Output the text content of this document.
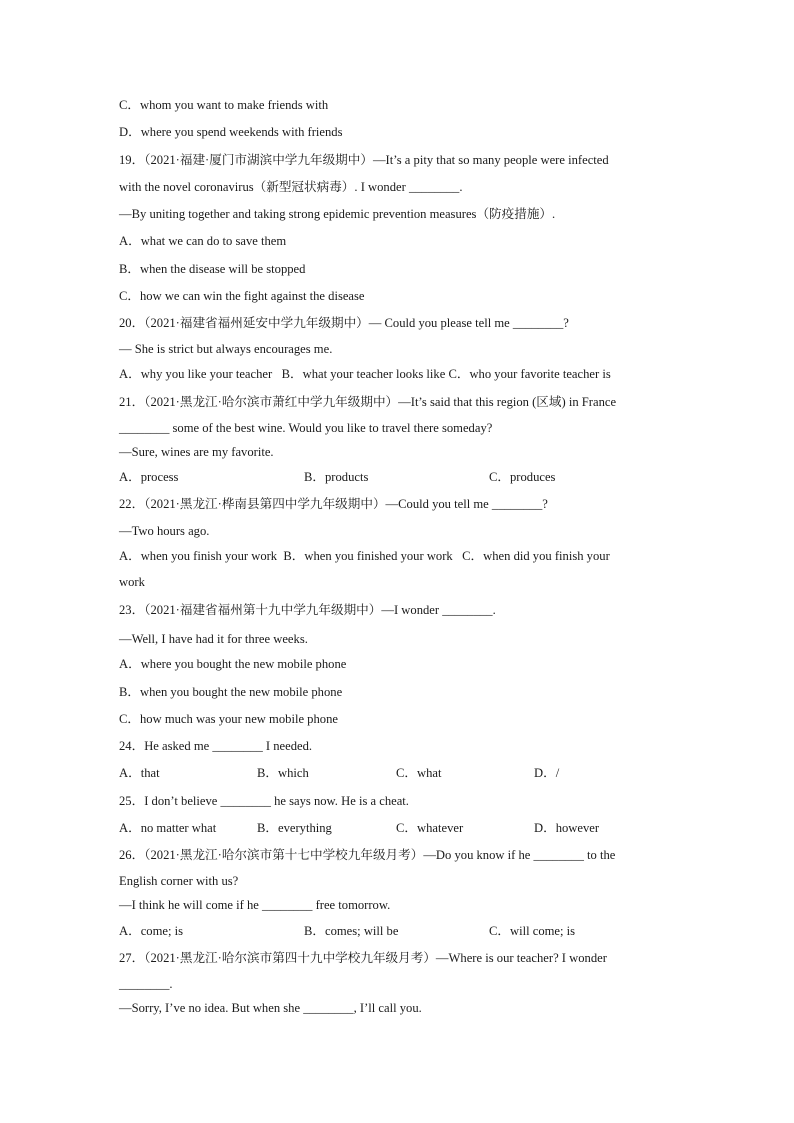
C．whom you want to make friends with
D．where you spend weekends with friends
19．（2021·福建·厦门市湖滨中学九年级期中）—It’s a pity that so many people were infected
with the novel coronavirus（新型冠状病毒）. I wonder ________.
—By uniting together and taking strong epidemic prevention measures（防疫措施）.
A．what we can do to save them
B．when the disease will be stopped
C．how we can win the fight against the disease
20．（2021·福建省福州延安中学九年级期中）— Could you please tell me ________?
— She is strict but always encourages me.
A．why you like your teacher   B．what your teacher looks like C．who your favorite teacher is
21．（2021·黑龙江·哈尔滨市萧红中学九年级期中）—It’s said that this region (区域) in France
________ some of the best wine. Would you like to travel there someday?
—Sure, wines are my favorite.
A．process	B．products	C．produces
22．（2021·黑龙江·桦南县第四中学九年级期中）—Could you tell me ________?
—Two hours ago.
A．when you finish your work  B．when you finished your work   C．when did you finish your
work
23．（2021·福建省福州第十九中学九年级期中）—I wonder ________.
—Well, I have had it for three weeks.
A．where you bought the new mobile phone
B．when you bought the new mobile phone
C．how much was your new mobile phone
24．He asked me ________ I needed.
A．that	B．which	C．what	D．/
25．I don’t believe ________ he says now. He is a cheat.
A．no matter what	B．everything	C．whatever	D．however
26．（2021·黑龙江·哈尔滨市第十七中学校九年级月考）—Do you know if he ________ to the
English corner with us?
—I think he will come if he ________ free tomorrow.
A．come; is	B．comes; will be	C．will come; is
27．（2021·黑龙江·哈尔滨市第四十九中学校九年级月考）—Where is our teacher? I wonder
________.
—Sorry, I’ve no idea. But when she ________, I’ll call you.
